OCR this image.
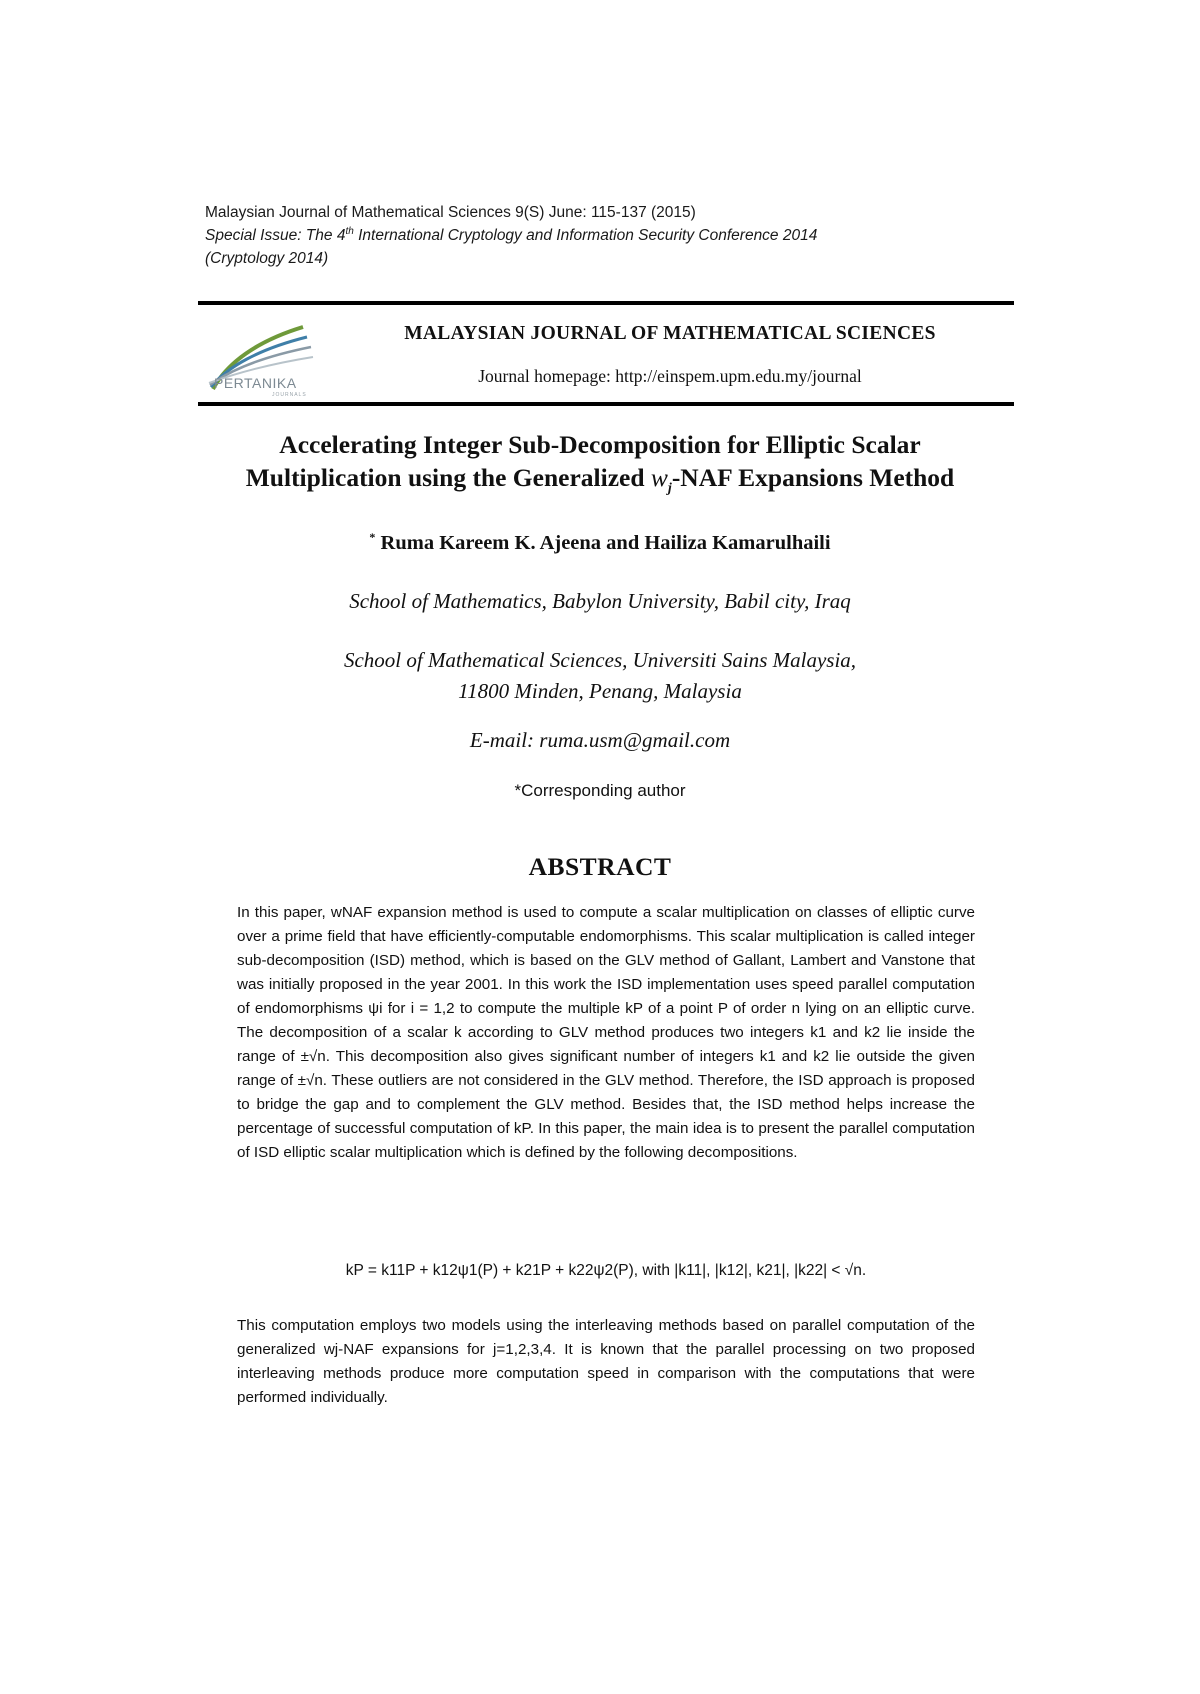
Malaysian Journal of Mathematical Sciences 9(S) June: 115-137 (2015)
Special Issue: The 4th International Cryptology and Information Security Conference 2014
(Cryptology 2014)
PERTANIKA
JOURNALS
MALAYSIAN JOURNAL OF MATHEMATICAL SCIENCES
Journal homepage: http://einspem.upm.edu.my/journal
Accelerating Integer Sub-Decomposition for Elliptic Scalar
Multiplication using the Generalized $w_j$-NAF Expansions Method
* Ruma Kareem K. Ajeena and Hailiza Kamarulhaili
School of Mathematics, Babylon University, Babil city, Iraq
School of Mathematical Sciences, Universiti Sains Malaysia,
11800 Minden, Penang, Malaysia
E-mail: ruma.usm@gmail.com
*Corresponding author
ABSTRACT

In this paper, wNAF expansion method is used to compute a scalar multiplication on classes of elliptic curve over a prime field that have efficiently-computable endomorphisms. This scalar multiplication is called integer sub-decomposition (ISD) method, which is based on the GLV method of Gallant, Lambert and Vanstone that was initially proposed in the year 2001. In this work the ISD implementation uses speed parallel computation of endomorphisms ψi for i = 1,2 to compute the multiple kP of a point P of order n lying on an elliptic curve. The decomposition of a scalar k according to GLV method produces two integers k1 and k2 lie inside the range of ±√n. This decomposition also gives significant number of integers k1 and k2 lie outside the given range of ±√n. These outliers are not considered in the GLV method. Therefore, the ISD approach is proposed to bridge the gap and to complement the GLV method. Besides that, the ISD method helps increase the percentage of successful computation of kP. In this paper, the main idea is to present the parallel computation of ISD elliptic scalar multiplication which is defined by the following decompositions.

kP = k11P + k12ψ1(P) + k21P + k22ψ2(P), with |k11|, |k12|, k21|, |k22| < √n.

This computation employs two models using the interleaving methods based on parallel computation of the generalized wj-NAF expansions for j=1,2,3,4. It is known that the parallel processing on two proposed interleaving methods produce more computation speed in comparison with the computations that were performed individually.
